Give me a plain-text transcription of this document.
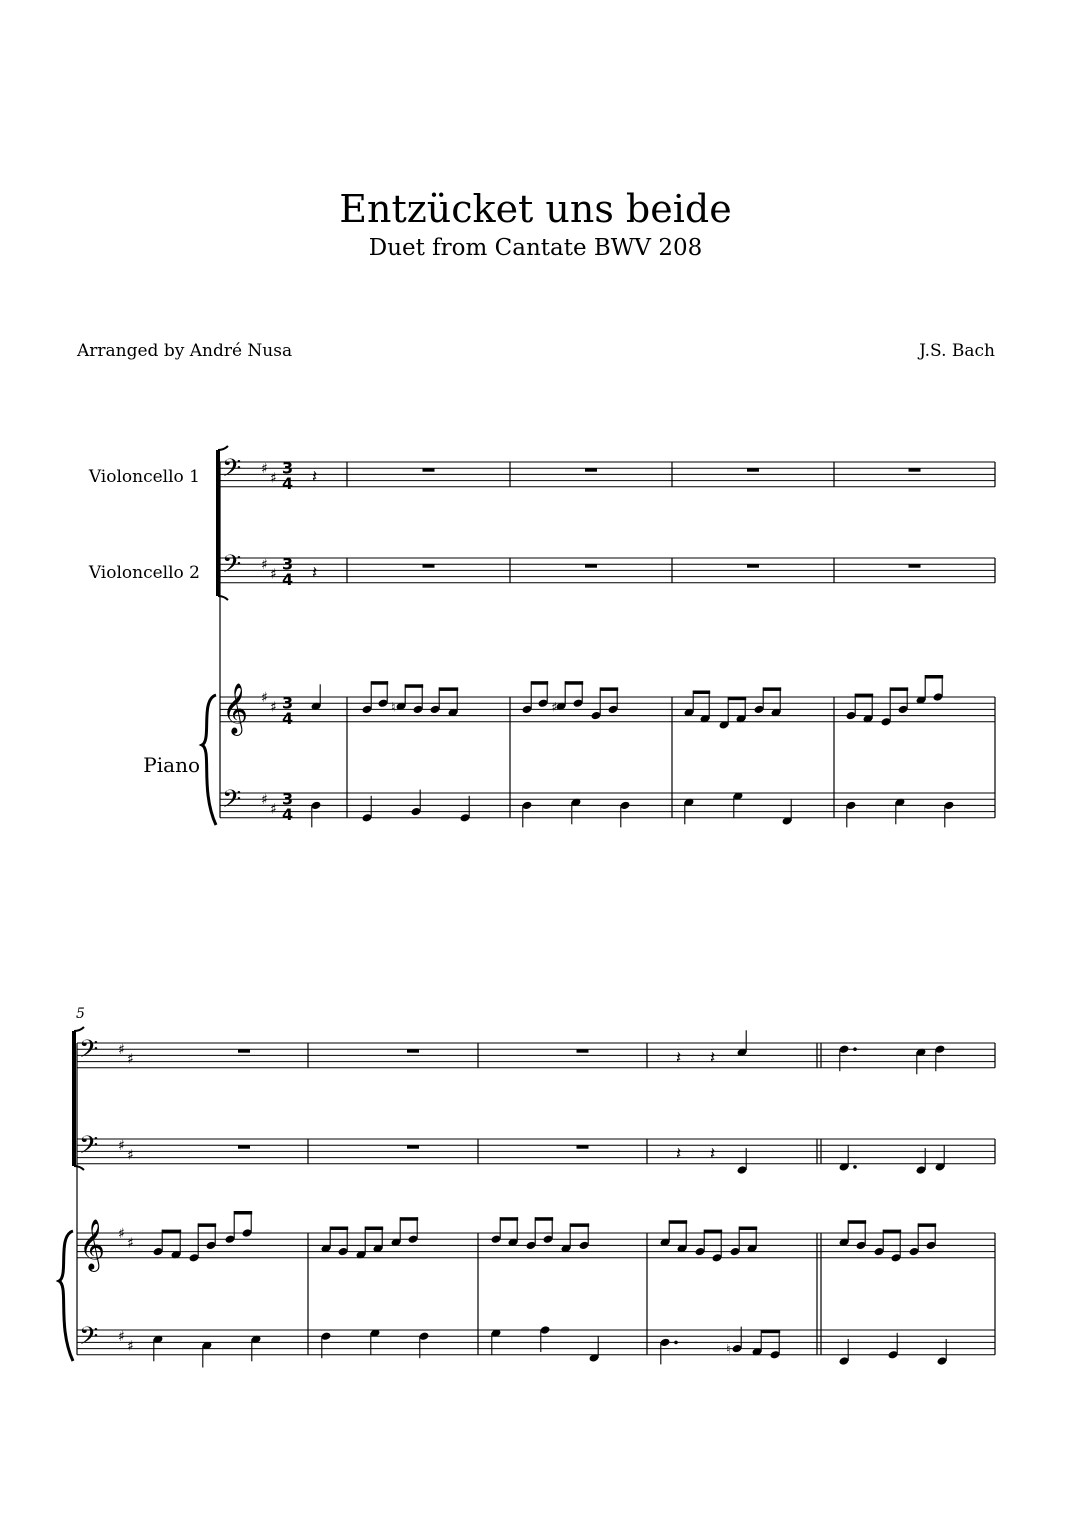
Entzücket uns beide
Duet from Cantate BWV 208
Arranged by André Nusa	J.S. Bach
Violoncello 1
Violoncello 2
Piano
5
𝄢 ♯
♯
3
4
𝄢 ♯
♯
3
4
𝄞 ♯
♯ 3
4
𝄢 ♯
♯
3
4
𝄽
𝄽
♮	♯
𝄢 ♯
♯
𝄢 ♯
♯
𝄞 ♯
♯
𝄢 ♯
♯
𝄽 𝄽
𝄽 𝄽
♮
